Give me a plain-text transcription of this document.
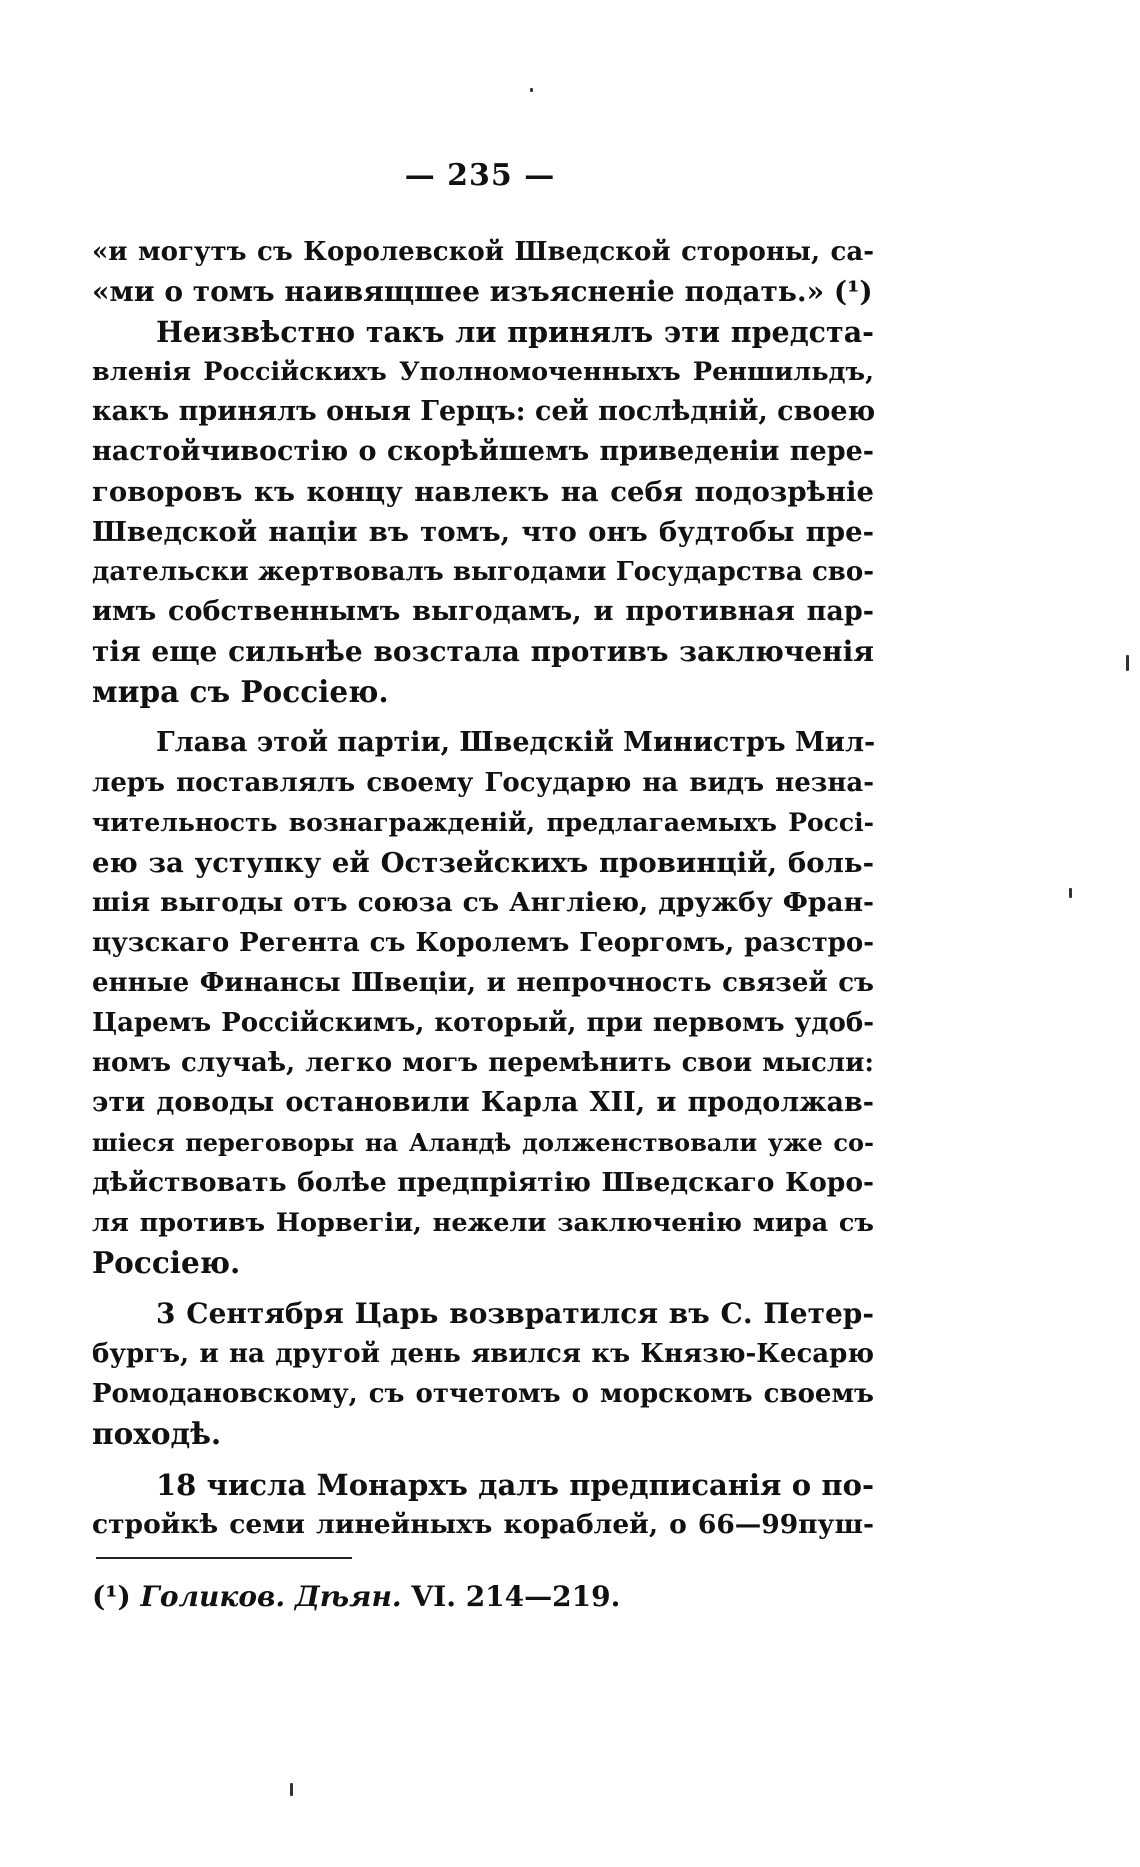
— 235 —
«и могутъ съ Королевской Шведской стороны, са-
«ми о томъ наивящшее изъясненіе подать.» (¹)
Неизвѣстно такъ ли принялъ эти предста-
вленія Россійскихъ Уполномоченныхъ Реншильдъ,
какъ принялъ оныя Герцъ: сей послѣдній, своею
настойчивостію о скорѣйшемъ приведеніи пере-
говоровъ къ концу навлекъ на себя подозрѣніе
Шведской націи въ томъ, что онъ будтобы пре-
дательски жертвовалъ выгодами Государства сво-
имъ собственнымъ выгодамъ, и противная пар-
тія еще сильнѣе возстала противъ заключенія
мира съ Россіею.
Глава этой партіи, Шведскій Министръ Мил-
леръ поставлялъ своему Государю на видъ незна-
чительность вознагражденій, предлагаемыхъ Россі-
ею за уступку ей Остзейскихъ провинцій, боль-
шія выгоды отъ союза съ Англіею, дружбу Фран-
цузскаго Регента съ Королемъ Георгомъ, разстро-
енные Финансы Швеціи, и непрочность связей съ
Царемъ Россійскимъ, который, при первомъ удоб-
номъ случаѣ, легко могъ перемѣнить свои мысли:
эти доводы остановили Карла XII, и продолжав-
шіеся переговоры на Аландѣ долженствовали уже со-
дѣйствовать болѣе предпріятію Шведскаго Коро-
ля противъ Норвегіи, нежели заключенію мира съ
Россіею.
3 Сентября Царь возвратился въ С. Петер-
бургъ, и на другой день явился къ Князю-Кесарю
Ромодановскому, съ отчетомъ о морскомъ своемъ
походѣ.
18 числа Монархъ далъ предписанія о по-
стройкѣ семи линейныхъ кораблей, о 66—99пуш-
(¹) Голиков. Дѣян. VI. 214—219.
